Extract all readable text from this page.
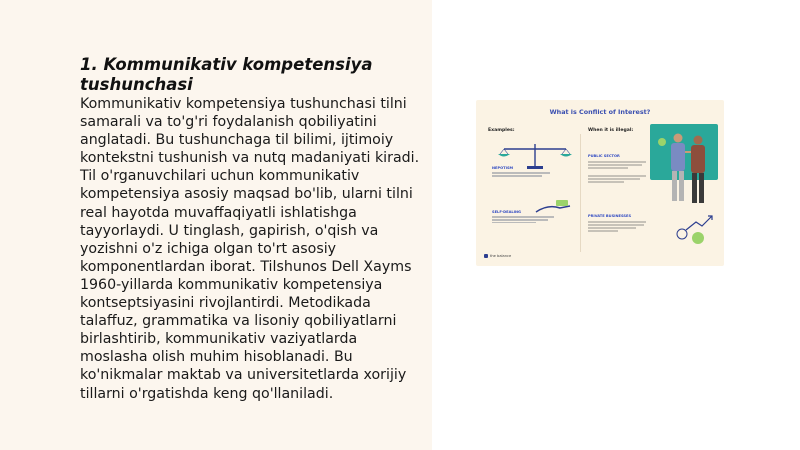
1. Kommunikativ kompetensiya tushunchasi

Kommunikativ kompetensiya tushunchasi tilni samarali va to'g'ri foydalanish qobiliyatini anglatadi. Bu tushunchaga til bilimi, ijtimoiy kontekstni tushunish va nutq madaniyati kiradi. Til o'rganuvchilari uchun kommunikativ kompetensiya asosiy maqsad bo'lib, ularni tilni real hayotda muvaffaqiyatli ishlatishga tayyorlaydi. U tinglash, gapirish, o'qish va yozishni o'z ichiga olgan to'rt asosiy komponentlardan iborat. Tilshunos Dell Xayms 1960-yillarda kommunikativ kompetensiya kontseptsiyasini rivojlantirdi. Metodikada talaffuz, grammatika va lisoniy qobiliyatlarni birlashtirib, kommunikativ vaziyatlarda moslasha olish muhim hisoblanadi. Bu ko'nikmalar maktab va universitetlarda xorijiy tillarni o'rgatishda keng qo'llaniladi.

What is Conflict of Interest?
Examples:	When it is illegal:
NEPOTISM
SELF-DEALING
PUBLIC SECTOR
PRIVATE BUSINESSES
the balance
